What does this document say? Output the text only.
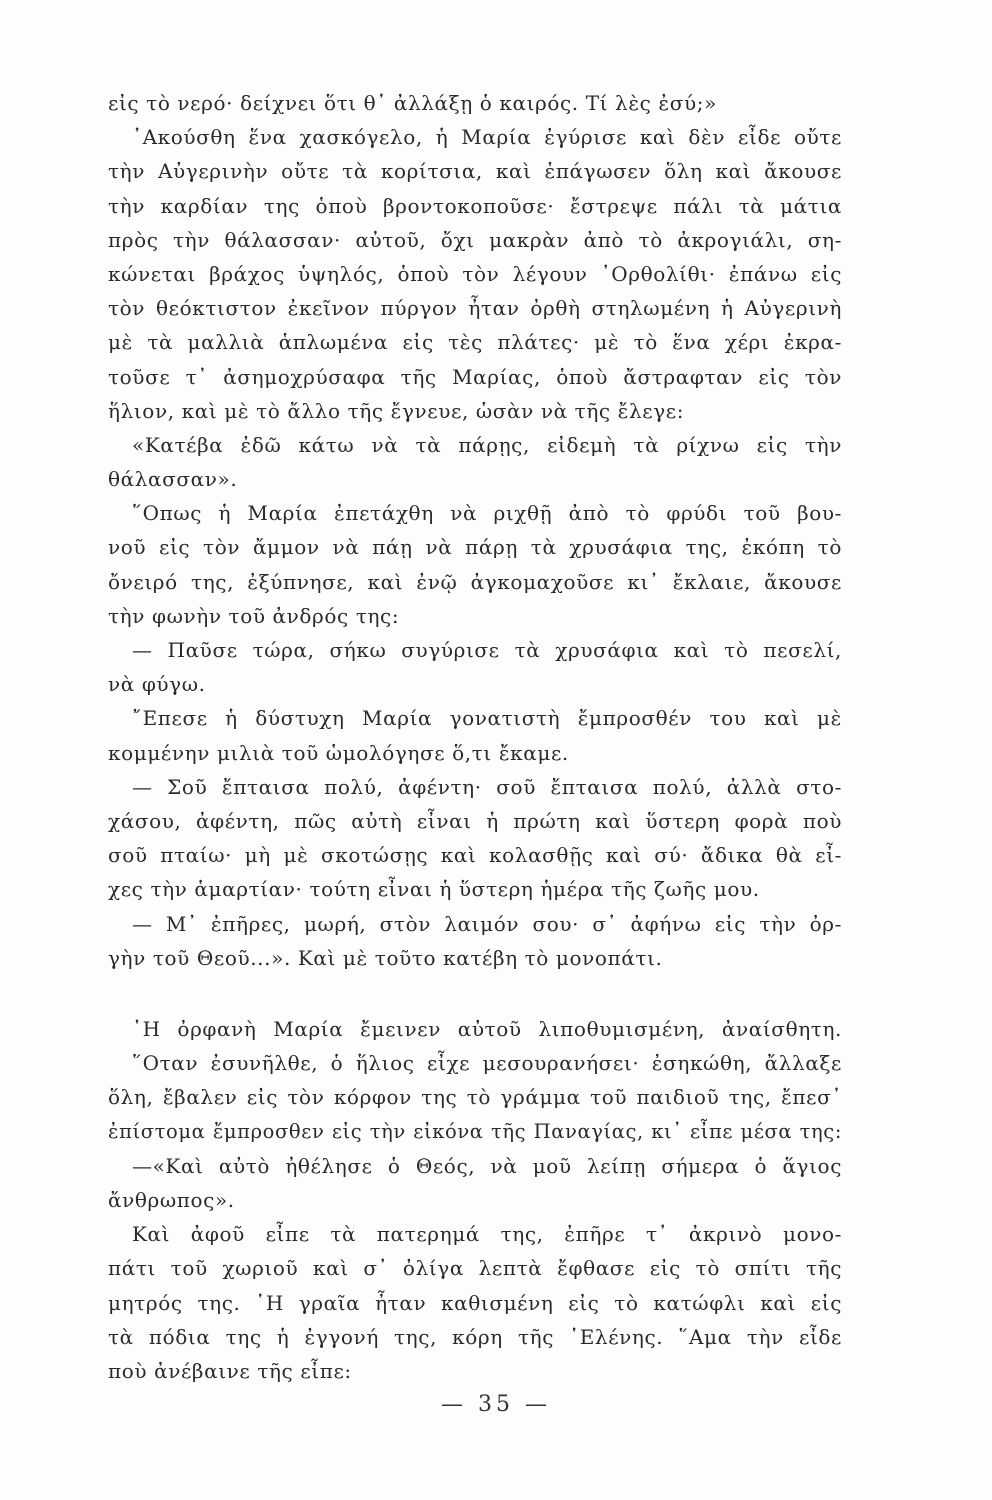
εἰς τὸ νερό· δείχνει ὅτι θ᾿ ἀλλάξῃ ὁ καιρός. Τί λὲς ἐσύ;»
᾿Ακούσθη ἕνα χασκόγελο, ἡ Μαρία ἐγύρισε καὶ δὲν εἶδε οὔτε
τὴν Αὐγερινὴν οὔτε τὰ κορίτσια, καὶ ἐπάγωσεν ὅλη καὶ ἄκουσε
τὴν καρδίαν της ὁποὺ βροντοκοποῦσε· ἔστρεψε πάλι τὰ μάτια
πρὸς τὴν θάλασσαν· αὐτοῦ, ὄχι μακρὰν ἀπὸ τὸ ἀκρογιάλι, ση-
κώνεται βράχος ὑψηλός, ὁποὺ τὸν λέγουν ᾿Ορθολίθι· ἐπάνω εἰς
τὸν θεόκτιστον ἐκεῖνον πύργον ἦταν ὀρθὴ στηλωμένη ἡ Αὐγερινὴ
μὲ τὰ μαλλιὰ ἁπλωμένα εἰς τὲς πλάτες· μὲ τὸ ἕνα χέρι ἐκρα-
τοῦσε τ᾿ ἀσημοχρύσαφα τῆς Μαρίας, ὁποὺ ἄστραφταν εἰς τὸν
ἥλιον, καὶ μὲ τὸ ἄλλο τῆς ἔγνευε, ὡσὰν νὰ τῆς ἔλεγε:
«Κατέβα ἐδῶ κάτω νὰ τὰ πάρῃς, εἰδεμὴ τὰ ρίχνω εἰς τὴν
θάλασσαν».
῞Οπως ἡ Μαρία ἐπετάχθη νὰ ριχθῇ ἀπὸ τὸ φρύδι τοῦ βου-
νοῦ εἰς τὸν ἄμμον νὰ πάῃ νὰ πάρῃ τὰ χρυσάφια της, ἐκόπη τὸ
ὄνειρό της, ἐξύπνησε, καὶ ἐνῷ ἀγκομαχοῦσε κι᾿ ἔκλαιε, ἄκουσε
τὴν φωνὴν τοῦ ἀνδρός της:
— Παῦσε τώρα, σήκω συγύρισε τὰ χρυσάφια καὶ τὸ πεσελί,
νὰ φύγω.
῎Επεσε ἡ δύστυχη Μαρία γονατιστὴ ἔμπροσθέν του καὶ μὲ
κομμένην μιλιὰ τοῦ ὡμολόγησε ὅ,τι ἔκαμε.
— Σοῦ ἔπταισα πολύ, ἀφέντη· σοῦ ἔπταισα πολύ, ἀλλὰ στο-
χάσου, ἀφέντη, πῶς αὐτὴ εἶναι ἡ πρώτη καὶ ὕστερη φορὰ ποὺ
σοῦ πταίω· μὴ μὲ σκοτώσῃς καὶ κολασθῇς καὶ σύ· ἄδικα θὰ εἶ-
χες τὴν ἁμαρτίαν· τούτη εἶναι ἡ ὕστερη ἡμέρα τῆς ζωῆς μου.
— Μ᾿ ἐπῆρες, μωρή, στὸν λαιμόν σου· σ᾿ ἀφήνω εἰς τὴν ὀρ-
γὴν τοῦ Θεοῦ...». Καὶ μὲ τοῦτο κατέβη τὸ μονοπάτι.
῾Η ὀρφανὴ Μαρία ἔμεινεν αὐτοῦ λιποθυμισμένη, ἀναίσθητη.
῞Οταν ἐσυνῆλθε, ὁ ἥλιος εἶχε μεσουρανήσει· ἐσηκώθη, ἄλλαξε
ὅλη, ἔβαλεν εἰς τὸν κόρφον της τὸ γράμμα τοῦ παιδιοῦ της, ἔπεσ᾿
ἐπίστομα ἔμπροσθεν εἰς τὴν εἰκόνα τῆς Παναγίας, κι᾿ εἶπε μέσα της:
—«Καὶ αὐτὸ ἠθέλησε ὁ Θεός, νὰ μοῦ λείπῃ σήμερα ὁ ἅγιος
ἄνθρωπος».
Καὶ ἀφοῦ εἶπε τὰ πατερημά της, ἐπῆρε τ᾿ ἀκρινὸ μονο-
πάτι τοῦ χωριοῦ καὶ σ᾿ ὀλίγα λεπτὰ ἔφθασε εἰς τὸ σπίτι τῆς
μητρός της. ῾Η γραῖα ἦταν καθισμένη εἰς τὸ κατώφλι καὶ εἰς
τὰ πόδια της ἡ ἐγγονή της, κόρη τῆς ῾Ελένης. ῞Αμα τὴν εἶδε
ποὺ ἀνέβαινε τῆς εἶπε:
— 35 —
